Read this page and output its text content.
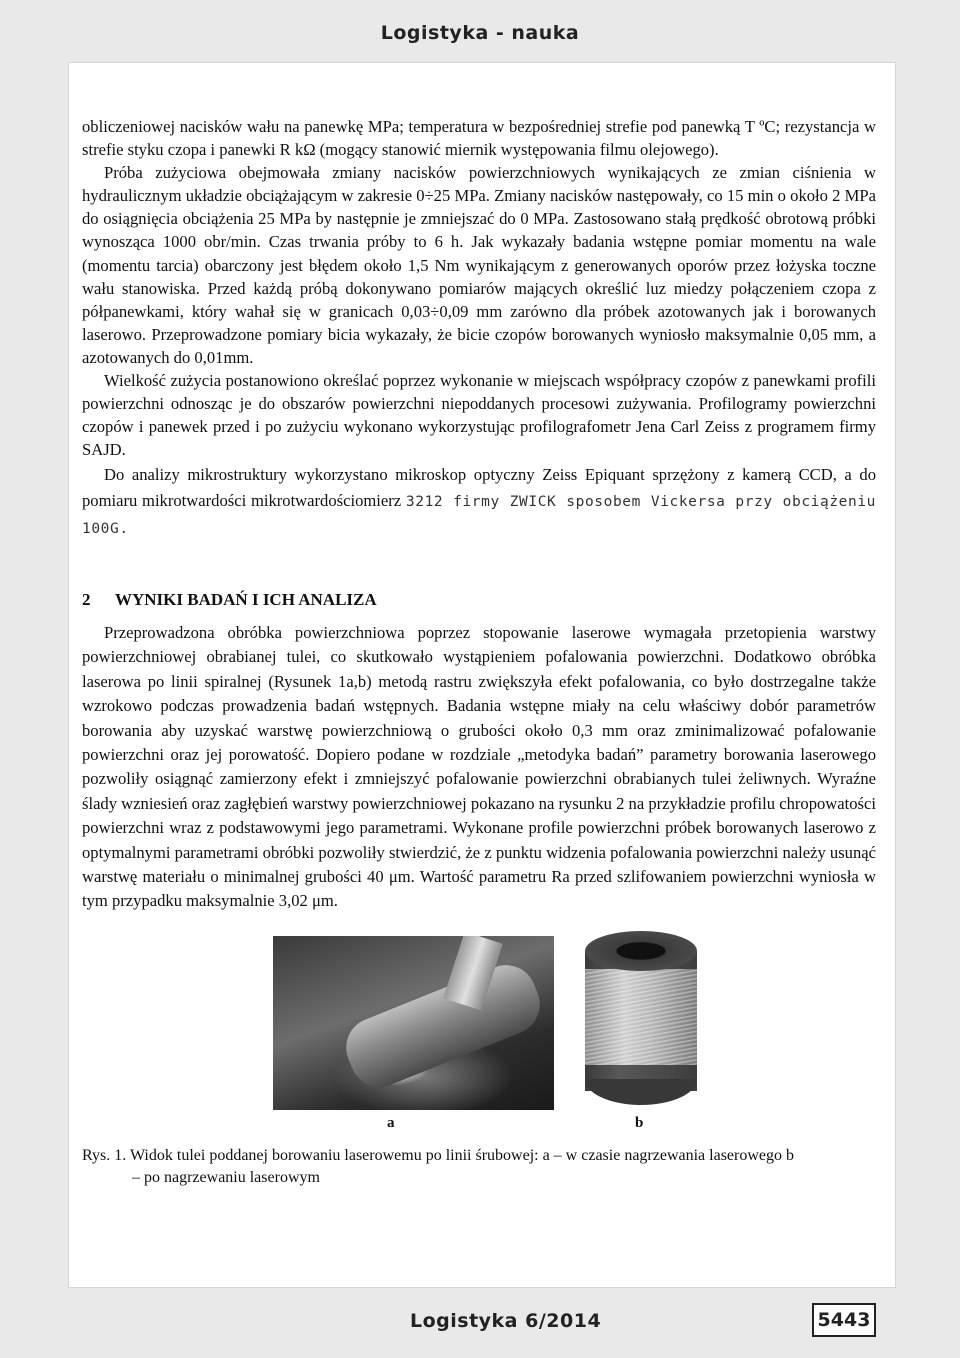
Logistyka - nauka

obliczeniowej nacisków wału na panewkę MPa; temperatura w bezpośredniej strefie pod panewką T ºC; rezystancja w strefie styku czopa i panewki R kΩ (mogący stanowić miernik występowania filmu olejowego).

Próba zużyciowa obejmowała zmiany nacisków powierzchniowych wynikających ze zmian ciśnienia w hydraulicznym układzie obciążającym w zakresie 0÷25 MPa. Zmiany nacisków następowały, co 15 min o około 2 MPa do osiągnięcia obciążenia 25 MPa by następnie je zmniejszać do 0 MPa. Zastosowano stałą prędkość obrotową próbki wynosząca 1000 obr/min. Czas trwania próby to 6 h. Jak wykazały badania wstępne pomiar momentu na wale (momentu tarcia) obarczony jest błędem około 1,5 Nm wynikającym z generowanych oporów przez łożyska toczne wału stanowiska. Przed każdą próbą dokonywano pomiarów mających określić luz miedzy połączeniem czopa z półpanewkami, który wahał się w granicach 0,03÷0,09 mm zarówno dla próbek azotowanych jak i borowanych laserowo. Przeprowadzone pomiary bicia wykazały, że bicie czopów borowanych wyniosło maksymalnie 0,05 mm, a azotowanych do 0,01mm.

Wielkość zużycia postanowiono określać poprzez wykonanie w miejscach współpracy czopów z panewkami profili powierzchni odnosząc je do obszarów powierzchni niepoddanych procesowi zużywania. Profilogramy powierzchni czopów i panewek przed i po zużyciu wykonano wykorzystując profilografometr Jena Carl Zeiss z programem firmy SAJD.

Do analizy mikrostruktury wykorzystano mikroskop optyczny Zeiss Epiquant sprzężony z kamerą CCD, a do pomiaru mikrotwardości mikrotwardościomierz 3212 firmy ZWICK sposobem Vickersa przy obciążeniu 100G.

2 WYNIKI BADAŃ I ICH ANALIZA

Przeprowadzona obróbka powierzchniowa poprzez stopowanie laserowe wymagała przetopienia warstwy powierzchniowej obrabianej tulei, co skutkowało wystąpieniem pofalowania powierzchni. Dodatkowo obróbka laserowa po linii spiralnej (Rysunek 1a,b) metodą rastru zwiększyła efekt pofalowania, co było dostrzegalne także wzrokowo podczas prowadzenia badań wstępnych. Badania wstępne miały na celu właściwy dobór parametrów borowania aby uzyskać warstwę powierzchniową o grubości około 0,3 mm oraz zminimalizować pofalowanie powierzchni oraz jej porowatość. Dopiero podane w rozdziale „metodyka badań” parametry borowania laserowego pozwoliły osiągnąć zamierzony efekt i zmniejszyć pofalowanie powierzchni obrabianych tulei żeliwnych. Wyraźne ślady wzniesień oraz zagłębień warstwy powierzchniowej pokazano na rysunku 2 na przykładzie profilu chropowatości powierzchni wraz z podstawowymi jego parametrami. Wykonane profile powierzchni próbek borowanych laserowo z optymalnymi parametrami obróbki pozwoliły stwierdzić, że z punktu widzenia pofalowania powierzchni należy usunąć warstwę materiału o minimalnej grubości 40 μm. Wartość parametru Ra przed szlifowaniem powierzchni wyniosła w tym przypadku maksymalnie 3,02 μm.

a	b
Rys. 1. Widok tulei poddanej borowaniu laserowemu po linii śrubowej: a – w czasie nagrzewania laserowego b
– po nagrzewaniu laserowym
Logistyka 6/2014	5443
